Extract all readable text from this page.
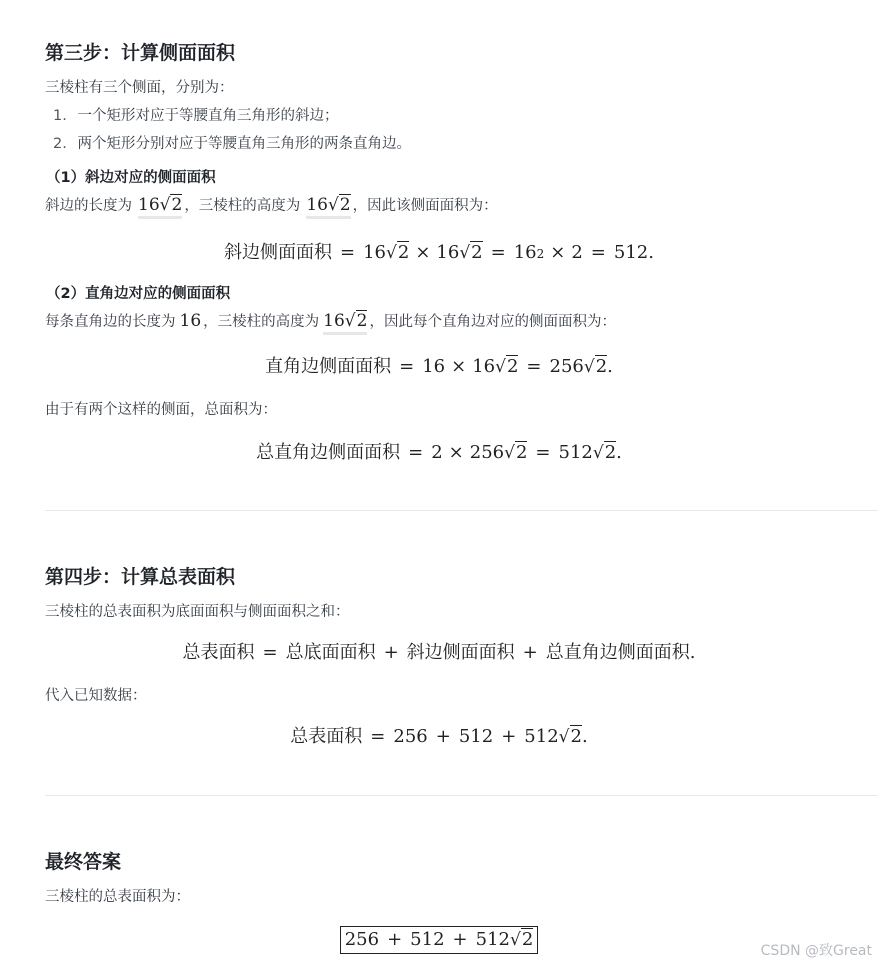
第三步：计算侧面面积
三棱柱有三个侧面，分别为：
1. 一个矩形对应于等腰直角三角形的斜边；
2. 两个矩形分别对应于等腰直角三角形的两条直角边。
（1）斜边对应的侧面面积
斜边的长度为 16√2 ，三棱柱的高度为 16√2 ，因此该侧面面积为：
斜边侧面面积 = 16 √ 2 × 16 √ 2 = 16 2 × 2 = 512.
（2）直角边对应的侧面面积
每条直角边的长度为 16 ，三棱柱的高度为 16√2 ，因此每个直角边对应的侧面面积为：
直角边侧面面积 = 16 × 16 √ 2 = 256 √ 2 .
由于有两个这样的侧面，总面积为：
总直角边侧面面积 = 2 × 256 √ 2 = 512 √ 2 .
第四步：计算总表面积
三棱柱的总表面积为底面面积与侧面面积之和：
总表面积 = 总底面面积 + 斜边侧面面积 + 总直角边侧面面积 .
代入已知数据：
总表面积 = 256 + 512 + 512 √ 2 .
最终答案
三棱柱的总表面积为：
256 + 512 + 512 √ 2
CSDN @致Great
